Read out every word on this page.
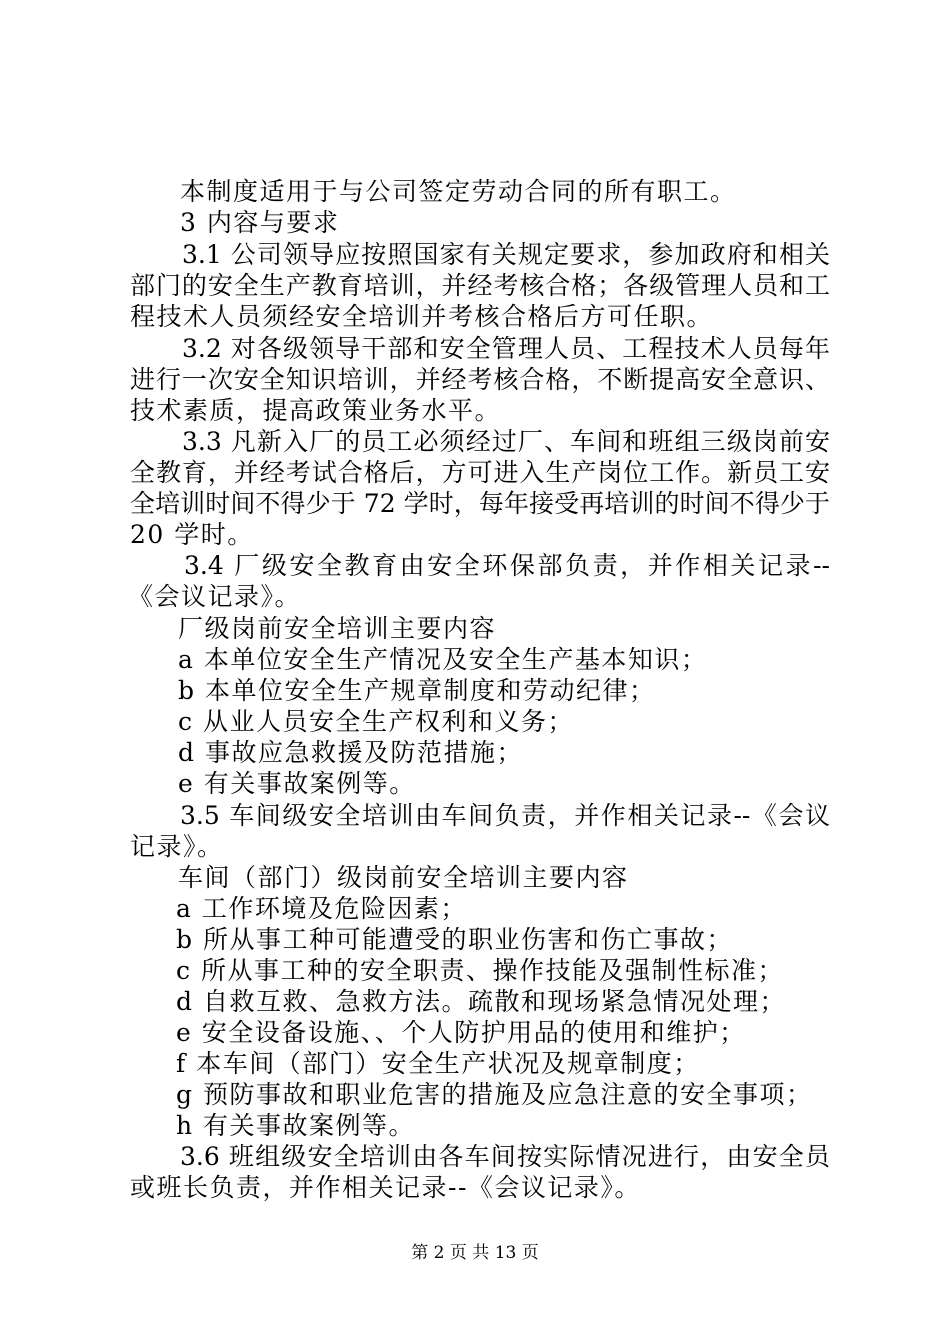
本制度适用于与公司签定劳动合同的所有职工。
3 内容与要求
3.1 公司领导应按照国家有关规定要求，参加政府和相关
部门的安全生产教育培训，并经考核合格；各级管理人员和工
程技术人员须经安全培训并考核合格后方可任职。
3.2 对各级领导干部和安全管理人员、工程技术人员每年
进行一次安全知识培训，并经考核合格，不断提高安全意识、
技术素质，提高政策业务水平。
3.3 凡新入厂的员工必须经过厂、车间和班组三级岗前安
全教育，并经考试合格后，方可进入生产岗位工作。新员工安
全培训时间不得少于 72 学时，每年接受再培训的时间不得少于
20 学时。
3.4 厂级安全教育由安全环保部负责，并作相关记录--
《会议记录》。
厂级岗前安全培训主要内容
a 本单位安全生产情况及安全生产基本知识；
b 本单位安全生产规章制度和劳动纪律；
c 从业人员安全生产权利和义务；
d 事故应急救援及防范措施；
e 有关事故案例等。
3.5 车间级安全培训由车间负责，并作相关记录--《会议
记录》。
车间（部门）级岗前安全培训主要内容
a 工作环境及危险因素；
b 所从事工种可能遭受的职业伤害和伤亡事故；
c 所从事工种的安全职责、操作技能及强制性标准；
d 自救互救、急救方法。疏散和现场紧急情况处理；
e 安全设备设施、、个人防护用品的使用和维护；
f 本车间（部门）安全生产状况及规章制度；
g 预防事故和职业危害的措施及应急注意的安全事项；
h 有关事故案例等。
3.6 班组级安全培训由各车间按实际情况进行，由安全员
或班长负责，并作相关记录--《会议记录》。
第 2 页 共 13 页
